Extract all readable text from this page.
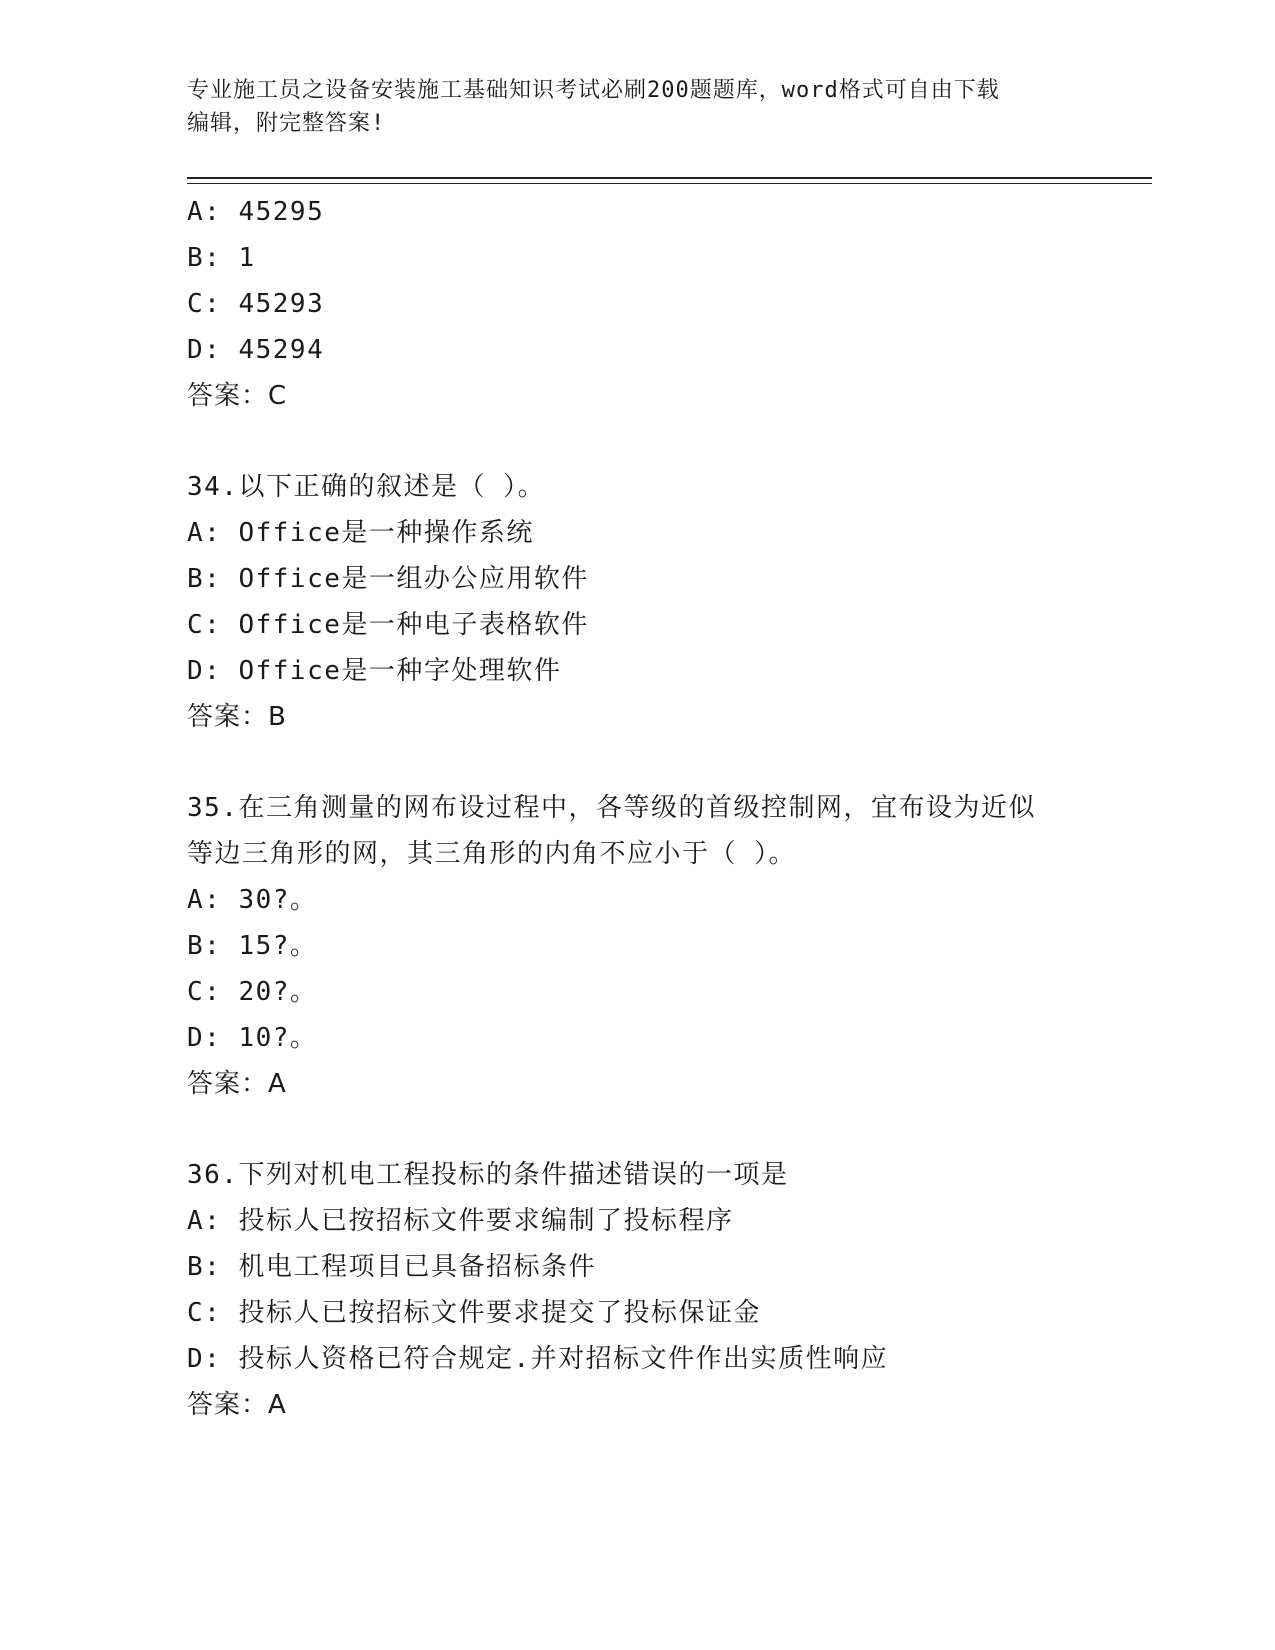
专业施工员之设备安装施工基础知识考试必刷200题题库，word格式可自由下载
编辑，附完整答案!
A: 45295
B: 1
C: 45293
D: 45294
答案：C
34.以下正确的叙述是（ ）。
A: Office是一种操作系统
B: Office是一组办公应用软件
C: Office是一种电子表格软件
D: Office是一种字处理软件
答案：B
35.在三角测量的网布设过程中，各等级的首级控制网，宜布设为近似
等边三角形的网，其三角形的内角不应小于（ ）。
A: 30?。
B: 15?。
C: 20?。
D: 10?。
答案：A
36.下列对机电工程投标的条件描述错误的一项是
A: 投标人已按招标文件要求编制了投标程序
B: 机电工程项目已具备招标条件
C: 投标人已按招标文件要求提交了投标保证金
D: 投标人资格已符合规定.并对招标文件作出实质性响应
答案：A
